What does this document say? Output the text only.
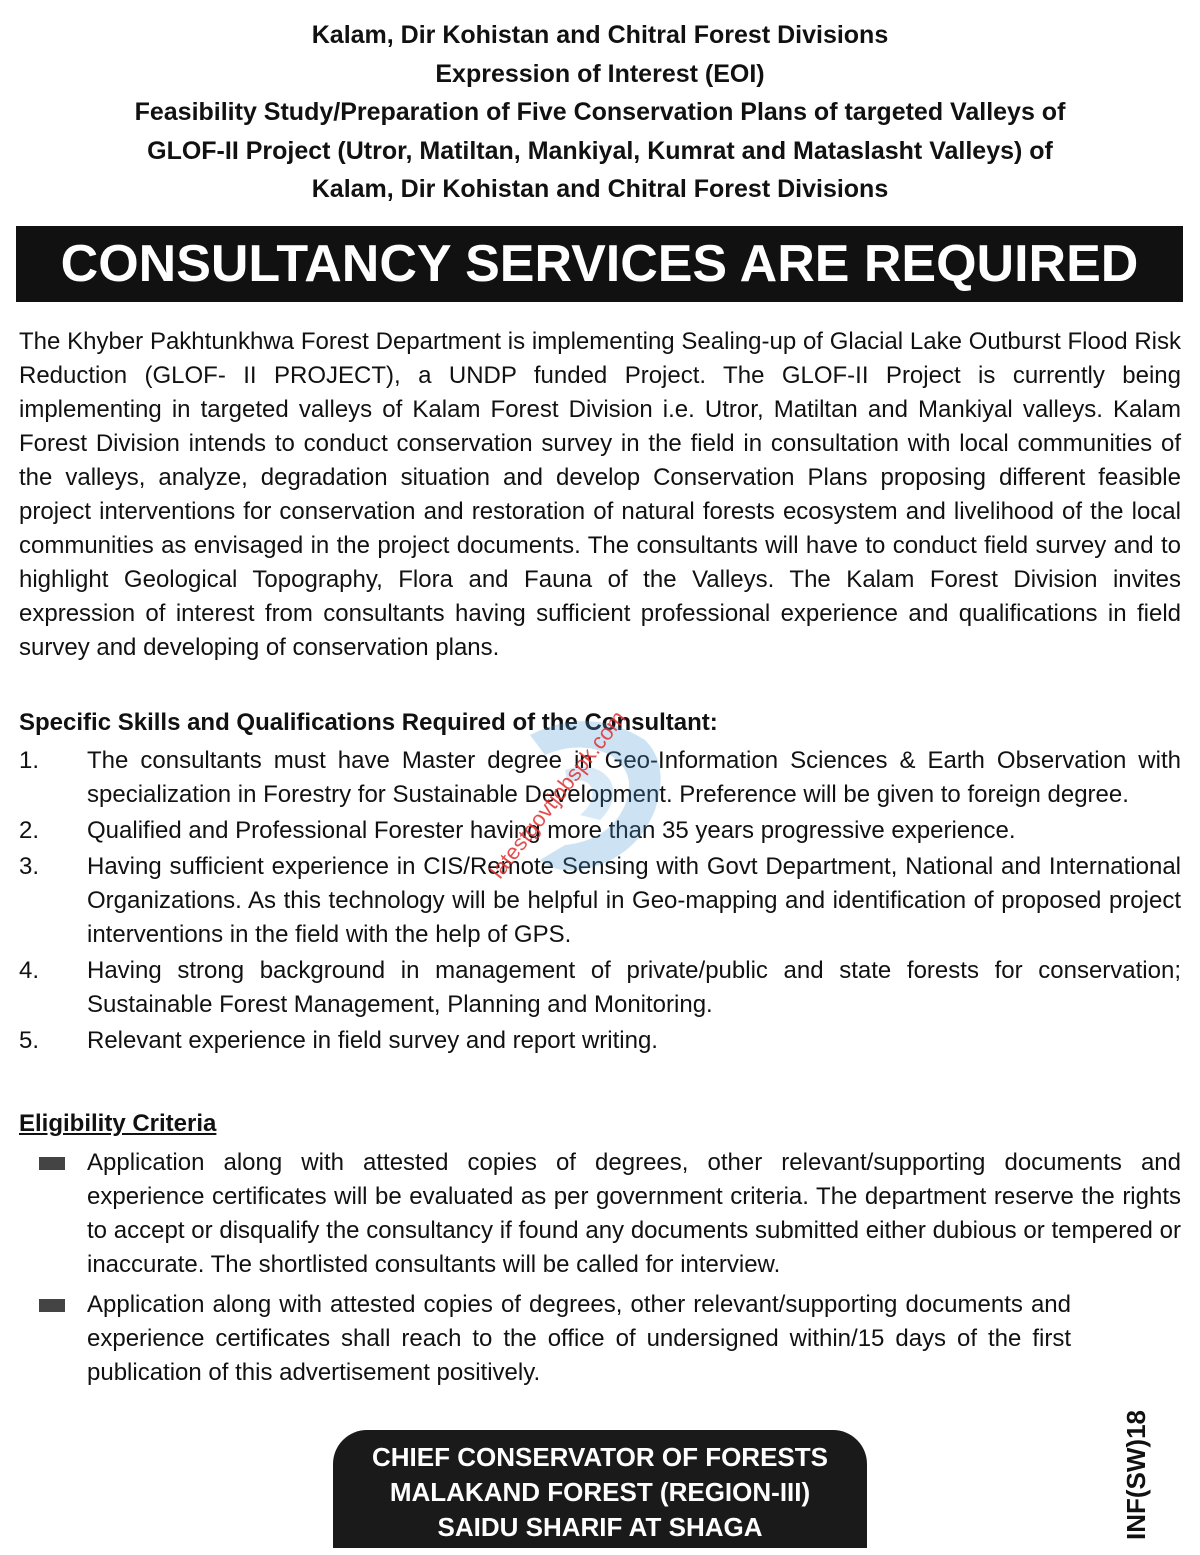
Kalam, Dir Kohistan and Chitral Forest Divisions
Expression of Interest (EOI)
Feasibility Study/Preparation of Five Conservation Plans of targeted Valleys of
GLOF-II Project (Utror, Matiltan, Mankiyal, Kumrat and Mataslasht Valleys) of
Kalam, Dir Kohistan and Chitral Forest Divisions
CONSULTANCY SERVICES ARE REQUIRED
The Khyber Pakhtunkhwa Forest Department is implementing Sealing-up of Glacial Lake Outburst Flood Risk Reduction (GLOF- II PROJECT), a UNDP funded Project. The GLOF-II Project is currently being implementing in targeted valleys of Kalam Forest Division i.e. Utror, Matiltan and Mankiyal valleys. Kalam Forest Division intends to conduct conservation survey in the field in consultation with local communities of the valleys, analyze, degradation situation and develop Conservation Plans proposing different feasible project interventions for conservation and restoration of natural forests ecosystem and livelihood of the local communities as envisaged in the project documents. The consultants will have to conduct field survey and to highlight Geological Topography, Flora and Fauna of the Valleys. The Kalam Forest Division invites expression of interest from consultants having sufficient professional experience and qualifications in field survey and developing of conservation plans.
Specific Skills and Qualifications Required of the Consultant:
1.	The consultants must have Master degree in Geo-Information Sciences & Earth Observation with specialization in Forestry for Sustainable Development. Preference will be given to foreign degree.
2.	Qualified and Professional Forester having more than 35 years progressive experience.
3.	Having sufficient experience in CIS/Remote Sensing with Govt Department, National and International Organizations. As this technology will be helpful in Geo-mapping and identification of proposed project interventions in the field with the help of GPS.
4.	Having strong background in management of private/public and state forests for conservation; Sustainable Forest Management, Planning and Monitoring.
5.	Relevant experience in field survey and report writing.
Eligibility Criteria
Application along with attested copies of degrees, other relevant/supporting documents and experience certificates will be evaluated as per government criteria. The department reserve the rights to accept or disqualify the consultancy if found any documents submitted either dubious or tempered or inaccurate. The shortlisted consultants will be called for interview.
Application along with attested copies of degrees, other relevant/supporting documents and experience certificates shall reach to the office of undersigned within/15 days of the first publication of this advertisement positively.
CHIEF CONSERVATOR OF FORESTS
MALAKAND FOREST (REGION-III)
SAIDU SHARIF AT SHAGA	INF(SW)18
latestgovtjobspk.com
